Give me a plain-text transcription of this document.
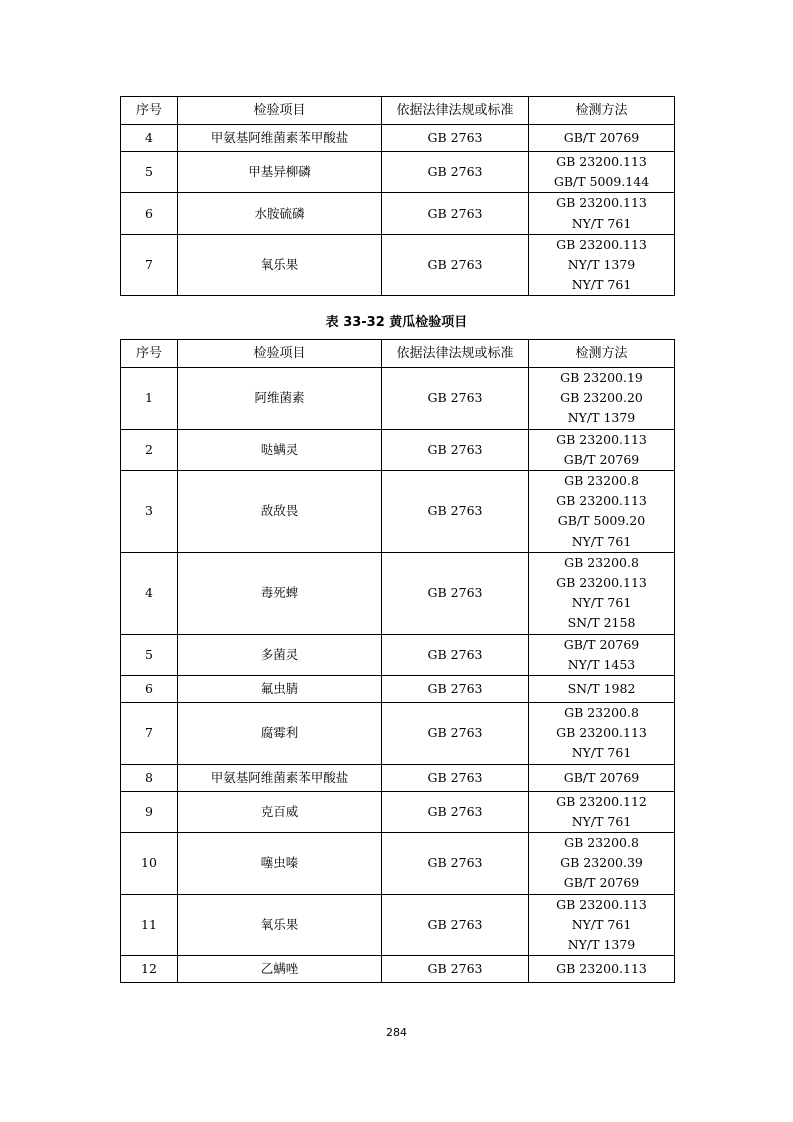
序号	检验项目	依据法律法规或标准	检测方法
4	甲氨基阿维菌素苯甲酸盐	GB 2763	GB/T 20769

5	甲基异柳磷	GB 2763	GB 23200.113
GB/T 5009.144

6	水胺硫磷	GB 2763	GB 23200.113
NY/T 761

7	氧乐果	GB 2763	GB 23200.113
NY/T 1379
NY/T 761
表 33-32 黄瓜检验项目
序号	检验项目	依据法律法规或标准	检测方法
1	阿维菌素	GB 2763	GB 23200.19
GB 23200.20
NY/T 1379

2	哒螨灵	GB 2763	GB 23200.113
GB/T 20769

3	敌敌畏	GB 2763	GB 23200.8
GB 23200.113
GB/T 5009.20
NY/T 761

4	毒死蜱	GB 2763	GB 23200.8
GB 23200.113
NY/T 761
SN/T 2158

5	多菌灵	GB 2763	GB/T 20769
NY/T 1453

6	氟虫腈	GB 2763	SN/T 1982

7	腐霉利	GB 2763	GB 23200.8
GB 23200.113
NY/T 761

8	甲氨基阿维菌素苯甲酸盐	GB 2763	GB/T 20769

9	克百威	GB 2763	GB 23200.112
NY/T 761

10	噻虫嗪	GB 2763	GB 23200.8
GB 23200.39
GB/T 20769

11	氧乐果	GB 2763	GB 23200.113
NY/T 761
NY/T 1379

12	乙螨唑	GB 2763	GB 23200.113
284
